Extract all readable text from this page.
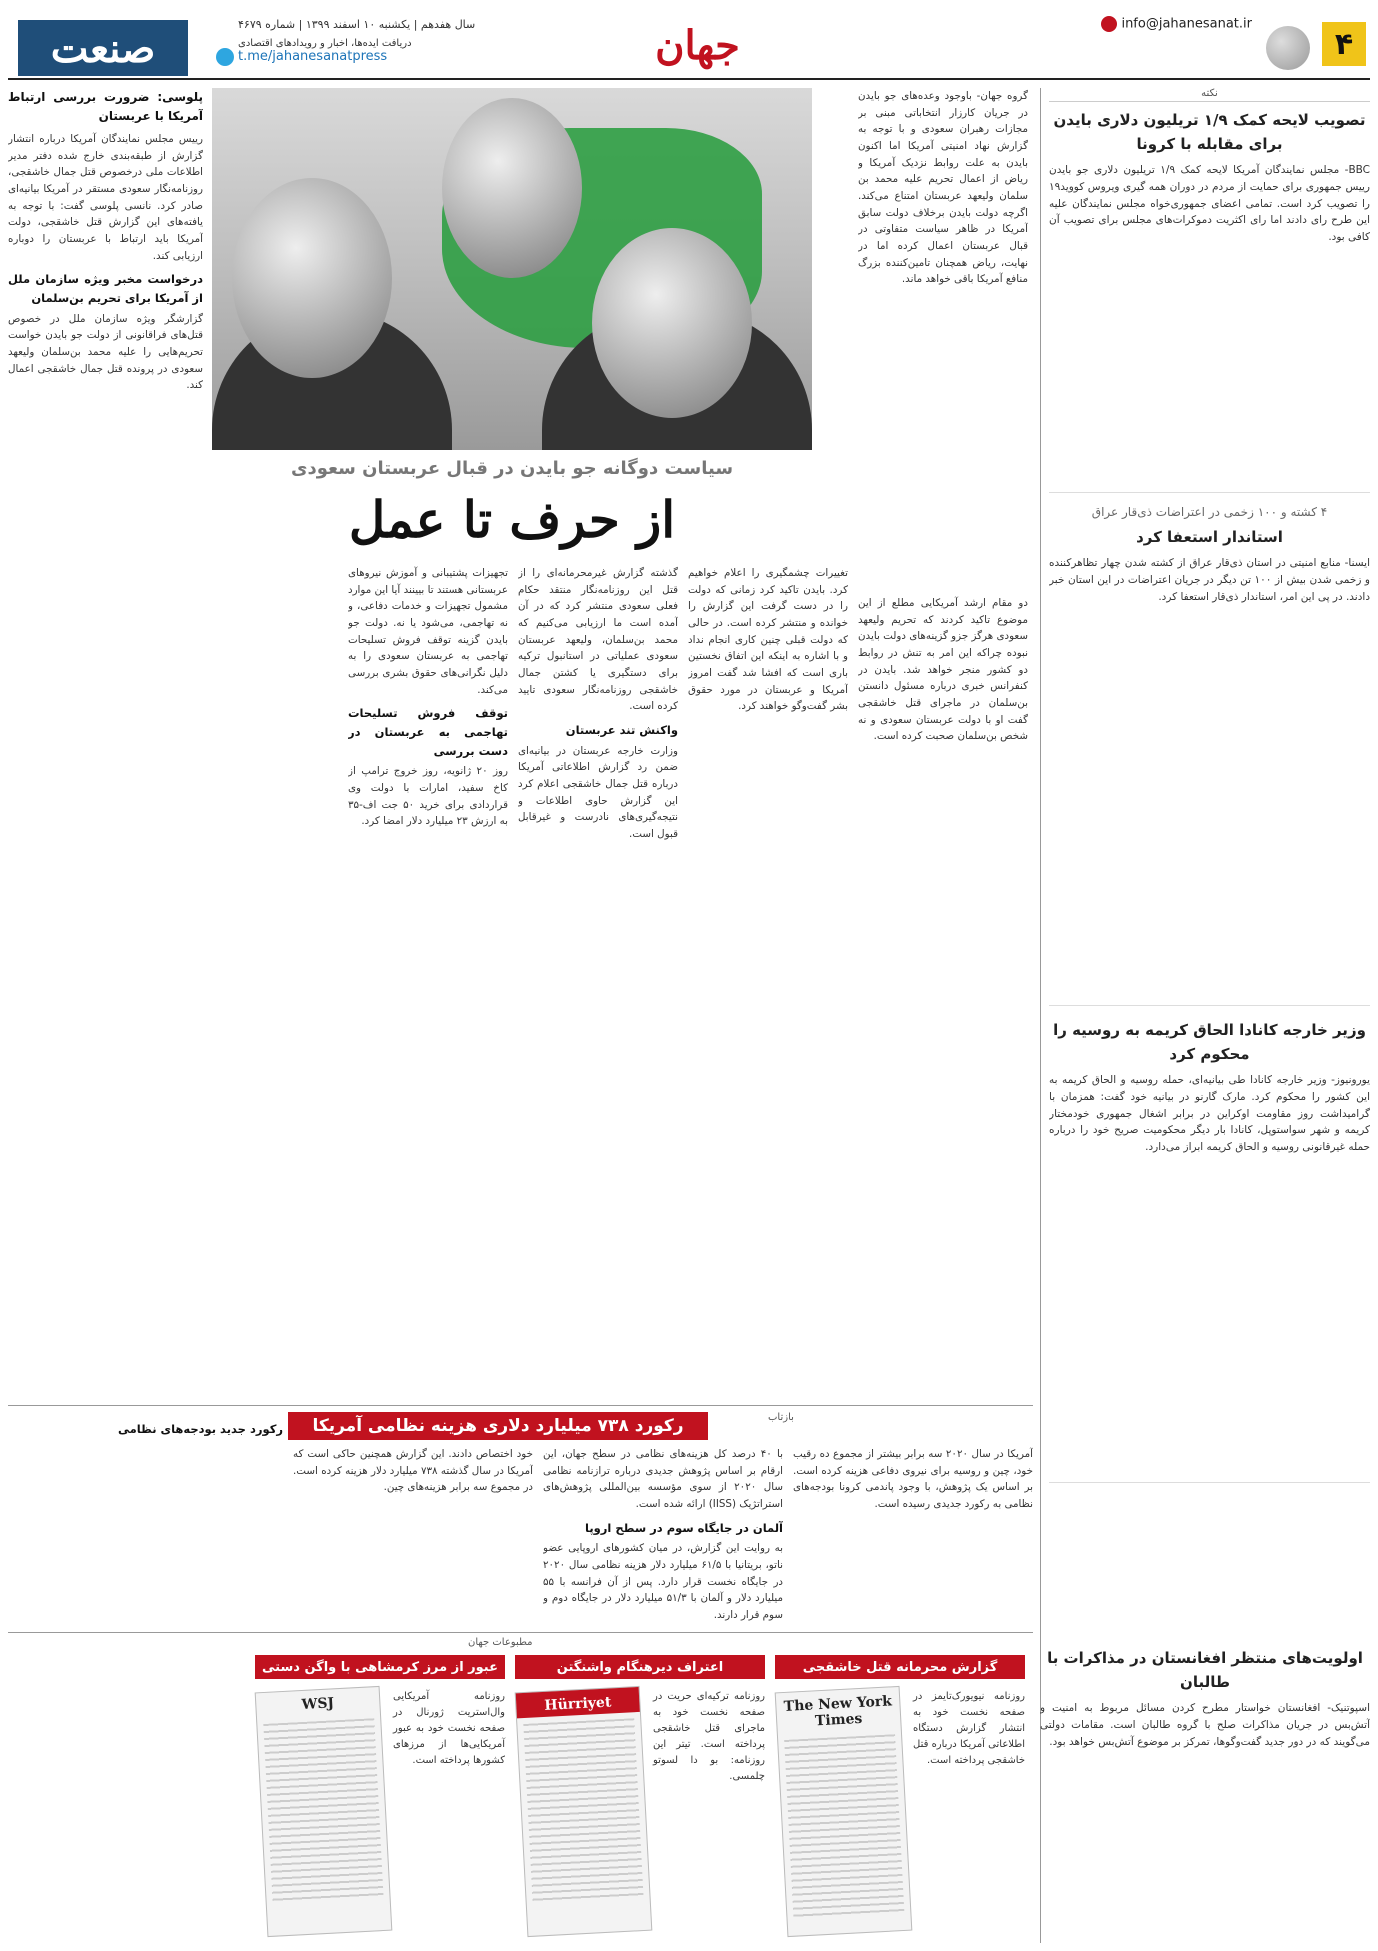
۴
info@jahanesanat.ir
جهان
سال هفدهم | یکشنبه ۱۰ اسفند ۱۳۹۹ | شماره ۴۶۷۹
دریافت ایده‌ها، اخبار و رویدادهای اقتصادی
t.me/jahanesanatpress
صنعت
نکته
تصویب لایحه کمک ۱/۹ تریلیون دلاری بایدن برای مقابله با کرونا
BBC- مجلس نمایندگان آمریکا لایحه کمک ۱/۹ تریلیون دلاری جو بایدن رییس جمهوری برای حمایت از مردم در دوران همه گیری ویروس کووید۱۹ را تصویب کرد است. تمامی اعضای جمهوری‌خواه مجلس نمایندگان علیه این طرح رای دادند اما رای اکثریت دموکرات‌های مجلس برای تصویب آن کافی بود.
۴ کشته و ۱۰۰ زخمی در اعتراضات ذی‌قار عراق
استاندار استعفا کرد
ایسنا- منابع امنیتی در استان ذی‌قار عراق از کشته شدن چهار تظاهرکننده و زخمی شدن بیش از ۱۰۰ تن دیگر در جریان اعتراضات در این استان خبر دادند. در پی این امر، استاندار ذی‌قار استعفا کرد.
وزیر خارجه کانادا الحاق کریمه به روسیه را محکوم کرد
یورونیوز- وزیر خارجه کانادا طی بیانیه‌ای، حمله روسیه و الحاق کریمه به این کشور را محکوم کرد. مارک گارنو در بیانیه خود گفت: همزمان با گرامیداشت روز مقاومت اوکراین در برابر اشغال جمهوری خودمختار کریمه و شهر سواستوپل، کانادا بار دیگر محکومیت صریح خود را درباره حمله غیرقانونی روسیه و الحاق کریمه ابراز می‌دارد.
سیاست دوگانه جو بایدن در قبال عربستان سعودی
از حرف تا عمل
گروه جهان- باوجود وعده‌های جو بایدن در جریان کارزار انتخاباتی مبنی بر مجازات رهبران سعودی و با توجه به گزارش نهاد امنیتی آمریکا اما اکنون بایدن به علت روابط نزدیک آمریکا و ریاض از اعمال تحریم علیه محمد بن سلمان ولیعهد عربستان امتناع می‌کند. اگرچه دولت بایدن برخلاف دولت سابق آمریکا در ظاهر سیاست متفاوتی در قبال عربستان اعمال کرده اما در نهایت، ریاض همچنان تامین‌کننده بزرگ منافع آمریکا باقی خواهد ماند.
دو مقام ارشد آمریکایی مطلع از این موضوع تاکید کردند که تحریم ولیعهد سعودی هرگز جزو گزینه‌های دولت بایدن نبوده چراکه این امر به تنش در روابط دو کشور منجر خواهد شد. بایدن در کنفرانس خبری درباره مسئول دانستن بن‌سلمان در ماجرای قتل خاشقجی گفت او با دولت عربستان سعودی و نه شخص بن‌سلمان صحبت کرده است.
تغییرات چشمگیری را اعلام خواهیم کرد. بایدن تاکید کرد زمانی که دولت را در دست گرفت این گزارش را خوانده و منتشر کرده است. در حالی که دولت قبلی چنین کاری انجام نداد و با اشاره به اینکه این اتفاق نخستین باری است که افشا شد گفت امروز آمریکا و عربستان در مورد حقوق بشر گفت‌وگو خواهند کرد.
گذشته گزارش غیرمحرمانه‌ای را از قتل این روزنامه‌نگار منتقد حکام فعلی سعودی منتشر کرد که در آن آمده است ما ارزیابی می‌کنیم که محمد بن‌سلمان، ولیعهد عربستان سعودی عملیاتی در استانبول ترکیه برای دستگیری یا کشتن جمال خاشقجی روزنامه‌نگار سعودی تایید کرده است.
واکنش تند عربستان
وزارت خارجه عربستان در بیانیه‌ای ضمن رد گزارش اطلاعاتی آمریکا درباره قتل جمال خاشقجی اعلام کرد این گزارش حاوی اطلاعات و نتیجه‌گیری‌های نادرست و غیرقابل قبول است.
تجهیزات پشتیبانی و آموزش نیروهای عربستانی هستند تا بیینند آیا این موارد مشمول تجهیزات و خدمات دفاعی، و نه تهاجمی، می‌شود یا نه. دولت جو بایدن گزینه توقف فروش تسلیحات تهاجمی به عربستان سعودی را به دلیل نگرانی‌های حقوق بشری بررسی می‌کند.
توقف فروش تسلیحات تهاجمی به عربستان در دست بررسی
روز ۲۰ ژانویه، روز خروج ترامپ از کاخ سفید، امارات با دولت وی قراردادی برای خرید ۵۰ جت اف-۳۵ به ارزش ۲۳ میلیارد دلار امضا کرد.
پلوسی: ضرورت بررسی ارتباط آمریکا با عربستان
رییس مجلس نمایندگان آمریکا درباره انتشار گزارش از طبقه‌بندی خارج شده دفتر مدیر اطلاعات ملی درخصوص قتل جمال خاشقجی، روزنامه‌نگار سعودی مستقر در آمریکا بیانیه‌ای صادر کرد. نانسی پلوسی گفت: با توجه به یافته‌های این گزارش قتل خاشقجی، دولت آمریکا باید ارتباط با عربستان را دوباره ارزیابی کند.
درخواست مخبر ویژه سازمان ملل از آمریکا برای تحریم بن‌سلمان
گزارشگر ویژه سازمان ملل در خصوص قتل‌های فراقانونی از دولت جو بایدن خواست تحریم‌هایی را علیه محمد بن‌سلمان ولیعهد سعودی در پرونده قتل جمال خاشقجی اعمال کند.
بازتاب
رکورد ۷۳۸ میلیارد دلاری هزینه نظامی آمریکا
آمریکا در سال ۲۰۲۰ سه برابر بیشتر از مجموع ده رقیب خود، چین و روسیه برای نیروی دفاعی هزینه کرده است. بر اساس یک پژوهش، با وجود پاندمی کرونا بودجه‌های نظامی به رکورد جدیدی رسیده است.
با ۴۰ درصد کل هزینه‌های نظامی در سطح جهان، این ارقام بر اساس پژوهش جدیدی درباره ترازنامه نظامی سال ۲۰۲۰ از سوی مؤسسه بین‌المللی پژوهش‌های استراتژیک (IISS) ارائه شده است.
آلمان در جایگاه سوم در سطح اروپا
به روایت این گزارش، در میان کشورهای اروپایی عضو ناتو، بریتانیا با ۶۱/۵ میلیارد دلار هزینه نظامی سال ۲۰۲۰ در جایگاه نخست قرار دارد. پس از آن فرانسه با ۵۵ میلیارد دلار و آلمان با ۵۱/۳ میلیارد دلار در جایگاه دوم و سوم قرار دارند.
خود اختصاص دادند. این گزارش همچنین حاکی است که آمریکا در سال گذشته ۷۳۸ میلیارد دلار هزینه کرده است. در مجموع سه برابر هزینه‌های چین.
رکورد جدید بودجه‌های نظامی
مطبوعات جهان
گزارش محرمانه قتل خاشقجی
The New York Times
روزنامه نیویورک‌تایمز در صفحه نخست خود به انتشار گزارش دستگاه اطلاعاتی آمریکا درباره قتل خاشقجی پرداخته است.
اعتراف دیرهنگام واشنگتن
Hürriyet	روزنامه ترکیه‌ای حریت در صفحه نخست خود به ماجرای قتل خاشقجی پرداخته است. تیتر این روزنامه: بو دا لسوتو چلمسی.
عبور از مرز کرمشاهی با واگن دستی
WSJ	روزنامه آمریکایی وال‌استریت ژورنال در صفحه نخست خود به عبور آمریکایی‌ها از مرزهای کشورها پرداخته است.
اولویت‌های منتظر افغانستان در مذاکرات با طالبان
اسپوتنیک- افغانستان خواستار مطرح کردن مسائل مربوط به امنیت و آتش‌بس در جریان مذاکرات صلح با گروه طالبان است. مقامات دولتی می‌گویند که در دور جدید گفت‌وگوها، تمرکز بر موضوع آتش‌بس خواهد بود.
